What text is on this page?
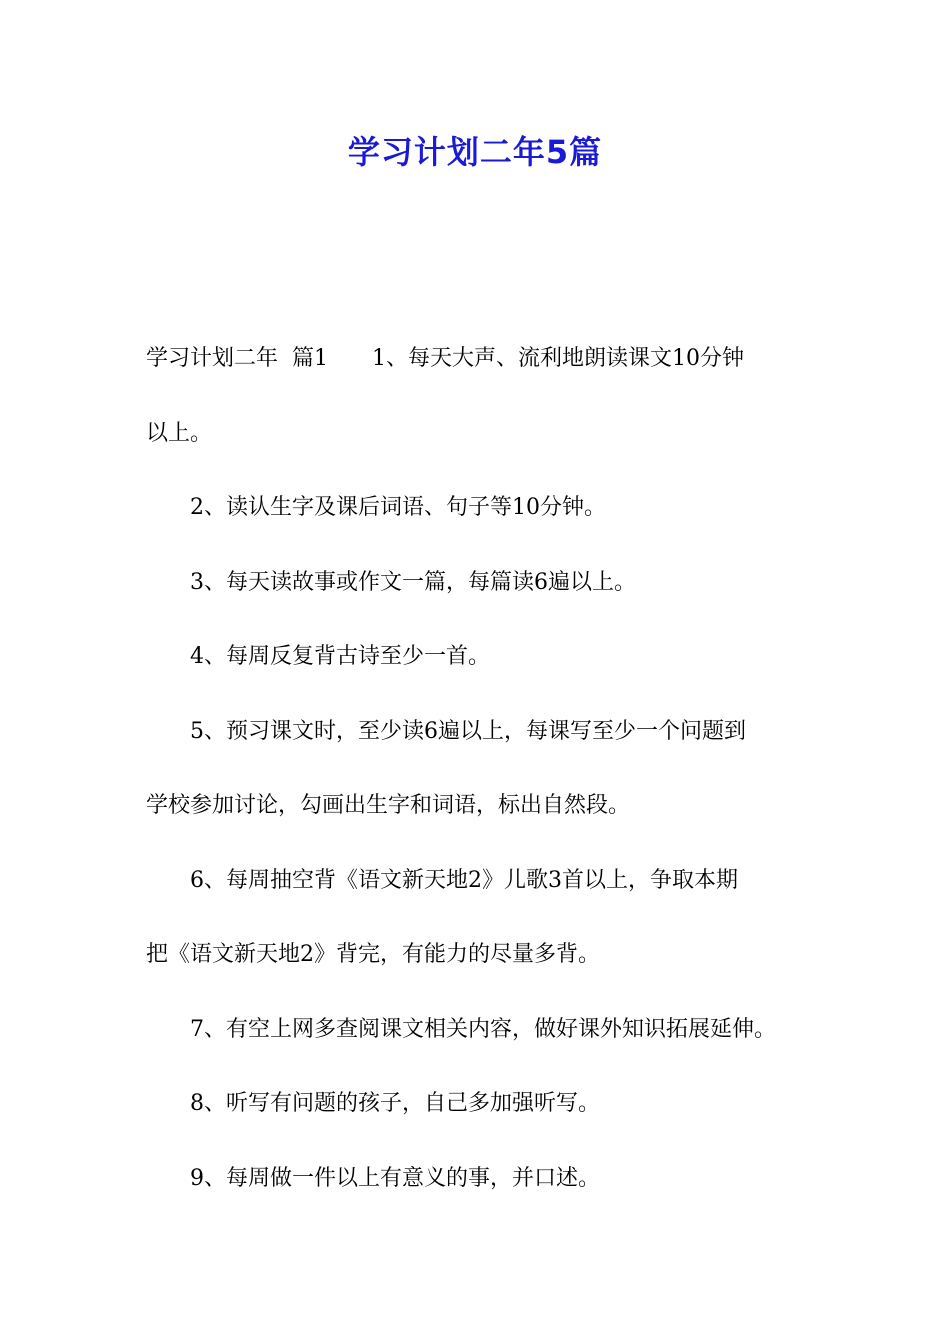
学习计划二年5篇
学习计划二年  篇1 1、每天大声、流利地朗读课文10分钟
以上。
2、读认生字及课后词语、句子等10分钟。
3、每天读故事或作文一篇，每篇读6遍以上。
4、每周反复背古诗至少一首。
5、预习课文时，至少读6遍以上，每课写至少一个问题到
学校参加讨论，勾画出生字和词语，标出自然段。
6、每周抽空背《语文新天地2》儿歌3首以上，争取本期
把《语文新天地2》背完，有能力的尽量多背。
7、有空上网多查阅课文相关内容，做好课外知识拓展延伸。
8、听写有问题的孩子，自己多加强听写。
9、每周做一件以上有意义的事，并口述。
